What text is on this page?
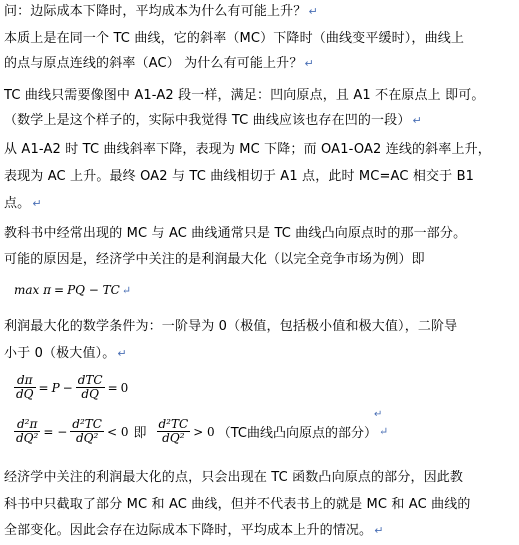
问：边际成本下降时，平均成本为什么有可能上升？ ↵
本质上是在同一个 TC 曲线，它的斜率（MC）下降时（曲线变平缓时），曲线上
的点与原点连线的斜率（AC） 为什么有可能上升？ ↵
TC 曲线只需要像图中 A1-A2 段一样，满足：凹向原点，且 A1 不在原点上 即可。
（数学上是这个样子的，实际中我觉得 TC 曲线应该也存在凹的一段） ↵
从 A1-A2 时 TC 曲线斜率下降，表现为 MC 下降；而 OA1-OA2 连线的斜率上升，
表现为 AC 上升。最终 OA2 与 TC 曲线相切于 A1 点，此时 MC=AC 相交于 B1
点。 ↵
教科书中经常出现的 MC 与 AC 曲线通常只是 TC 曲线凸向原点时的那一部分。
可能的原因是，经济学中关注的是利润最大化（以完全竞争市场为例）即
max π = PQ − TC ↵
利润最大化的数学条件为：一阶导为 0（极值，包括极小值和极大值），二阶导
小于 0（极大值）。 ↵
$\frac{d\pi}{dQ} = P - \frac{\text{dTC}}{dQ} = 0$
↵
$\frac{\text{d²π}}{\text{dQ²}}$ = − $\frac{\text{d²TC}}{\text{dQ²}} < 0$ 即 $\frac{\text{d²TC}}{\text{dQ²}} > 0$ （TC曲线凸向原点的部分） ↵
经济学中关注的利润最大化的点，只会出现在 TC 函数凸向原点的部分，因此教
科书中只截取了部分 MC 和 AC 曲线，但并不代表书上的就是 MC 和 AC 曲线的
全部变化。因此会存在边际成本下降时，平均成本上升的情况。 ↵
